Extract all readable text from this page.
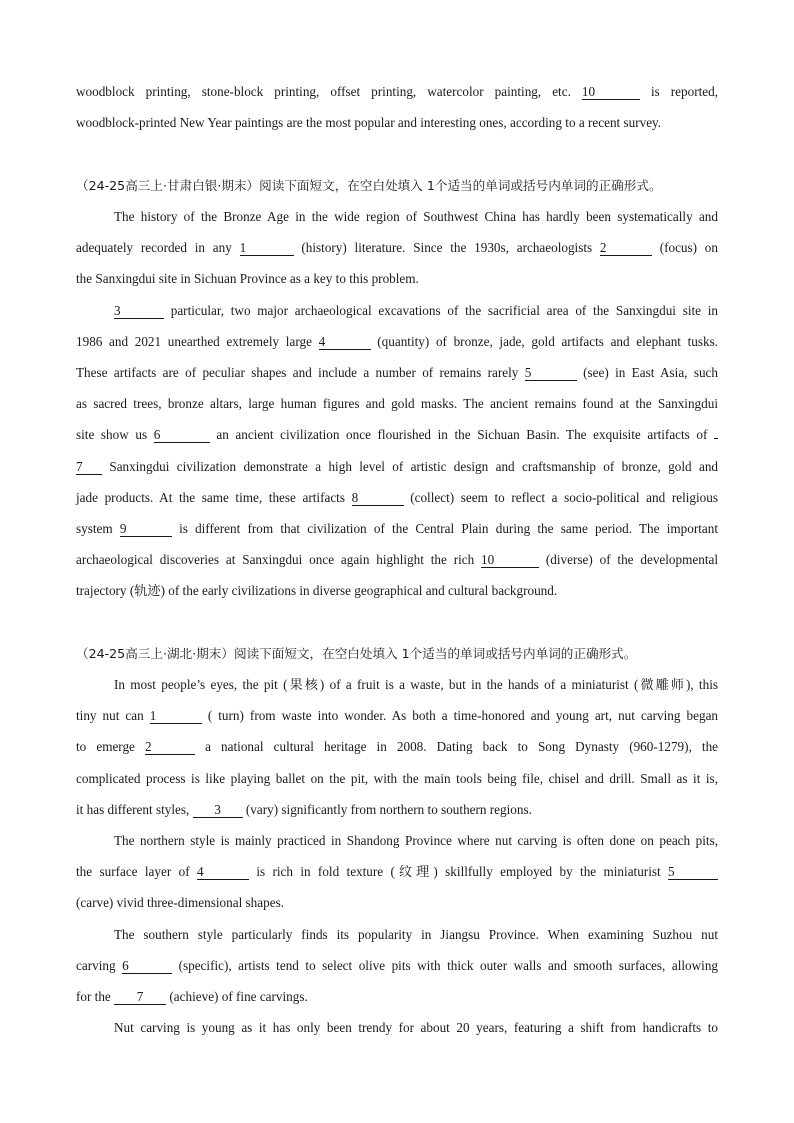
woodblock printing, stone-block printing, offset printing, watercolor painting, etc. 10	is reported,
woodblock-printed New Year paintings are the most popular and interesting ones, according to a recent survey.
（24-25高三上·甘肃白银·期末）阅读下面短文，在空白处填入 1个适当的单词或括号内单词的正确形式。
The history of the Bronze Age in the wide region of Southwest China has hardly been systematically and
adequately recorded in any 1	(history) literature. Since the 1930s, archaeologists 2	(focus) on
the Sanxingdui site in Sichuan Province as a key to this problem.
3	particular, two major archaeological excavations of the sacrificial area of the Sanxingdui site in
1986 and 2021 unearthed extremely large 4	(quantity) of bronze, jade, gold artifacts and elephant tusks.
These artifacts are of peculiar shapes and include a number of remains rarely 5	(see) in East Asia, such
as sacred trees, bronze altars, large human figures and gold masks. The ancient remains found at the Sanxingdui
site show us 6	an ancient civilization once flourished in the Sichuan Basin. The exquisite artifacts of
7 Sanxingdui civilization demonstrate a high level of artistic design and craftsmanship of bronze, gold and
jade products. At the same time, these artifacts 8	(collect) seem to reflect a socio-political and religious
system 9	is different from that civilization of the Central Plain during the same period. The important
archaeological discoveries at Sanxingdui once again highlight the rich 10	(diverse) of the developmental
trajectory (轨迹) of the early civilizations in diverse geographical and cultural background.
（24-25高三上·湖北·期末）阅读下面短文，在空白处填入 1个适当的单词或括号内单词的正确形式。
In most people’s eyes, the pit (果核) of a fruit is a waste, but in the hands of a miniaturist (微雕师), this
tiny nut can 1	( turn) from waste into wonder. As both a time-honored and young art, nut carving began
to emerge 2	a national cultural heritage in 2008. Dating back to Song Dynasty (960-1279), the
complicated process is like playing ballet on the pit, with the main tools being file, chisel and drill. Small as it is,
it has different styles, 3 (vary) significantly from northern to southern regions.
The northern style is mainly practiced in Shandong Province where nut carving is often done on peach pits,
the surface layer of 4	is rich in fold texture (纹理) skillfully employed by the miniaturist 5
(carve) vivid three-dimensional shapes.
The southern style particularly finds its popularity in Jiangsu Province. When examining Suzhou nut
carving 6	(specific), artists tend to select olive pits with thick outer walls and smooth surfaces, allowing
for the 7 (achieve) of fine carvings.
Nut carving is young as it has only been trendy for about 20 years, featuring a shift from handicrafts to
